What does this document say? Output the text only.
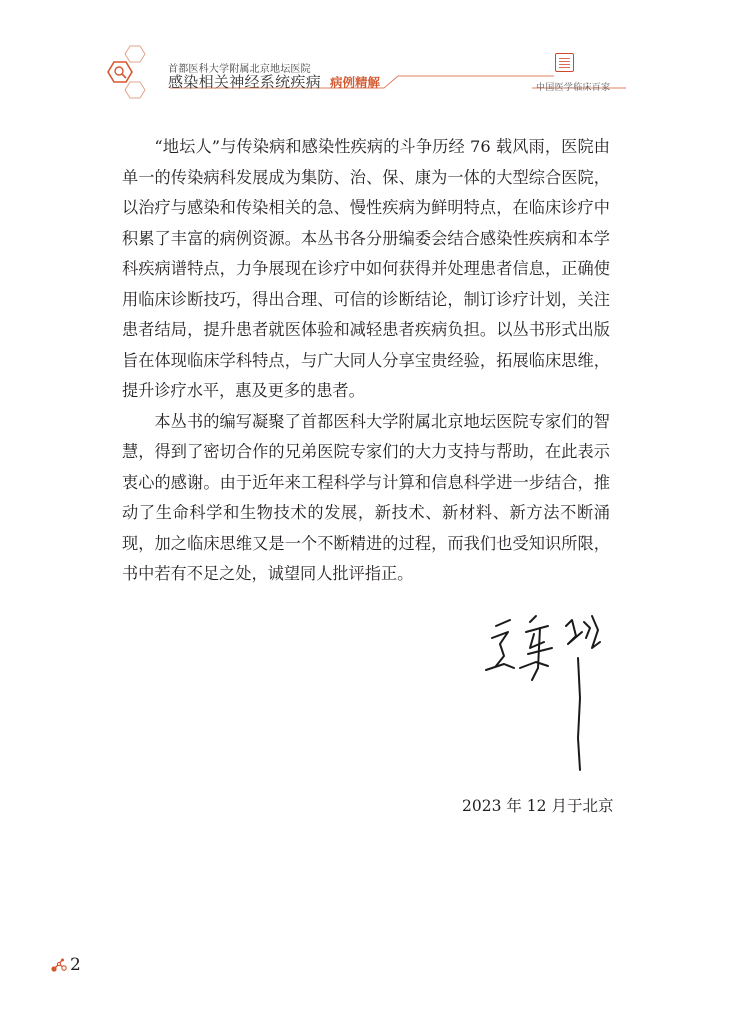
首都医科大学附属北京地坛医院
感染相关神经系统疾病 病例精解	中国医学临床百家

“地坛人”与传染病和感染性疾病的斗争历经 76 载风雨，医院由单一的传染病科发展成为集防、治、保、康为一体的大型综合医院，以治疗与感染和传染相关的急、慢性疾病为鲜明特点，在临床诊疗中积累了丰富的病例资源。本丛书各分册编委会结合感染性疾病和本学科疾病谱特点，力争展现在诊疗中如何获得并处理患者信息，正确使用临床诊断技巧，得出合理、可信的诊断结论，制订诊疗计划，关注患者结局，提升患者就医体验和减轻患者疾病负担。以丛书形式出版旨在体现临床学科特点，与广大同人分享宝贵经验，拓展临床思维，提升诊疗水平，惠及更多的患者。

本丛书的编写凝聚了首都医科大学附属北京地坛医院专家们的智慧，得到了密切合作的兄弟医院专家们的大力支持与帮助，在此表示衷心的感谢。由于近年来工程科学与计算和信息科学进一步结合，推动了生命科学和生物技术的发展，新技术、新材料、新方法不断涌现，加之临床思维又是一个不断精进的过程，而我们也受知识所限，书中若有不足之处，诚望同人批评指正。

2023 年 12 月于北京
2
